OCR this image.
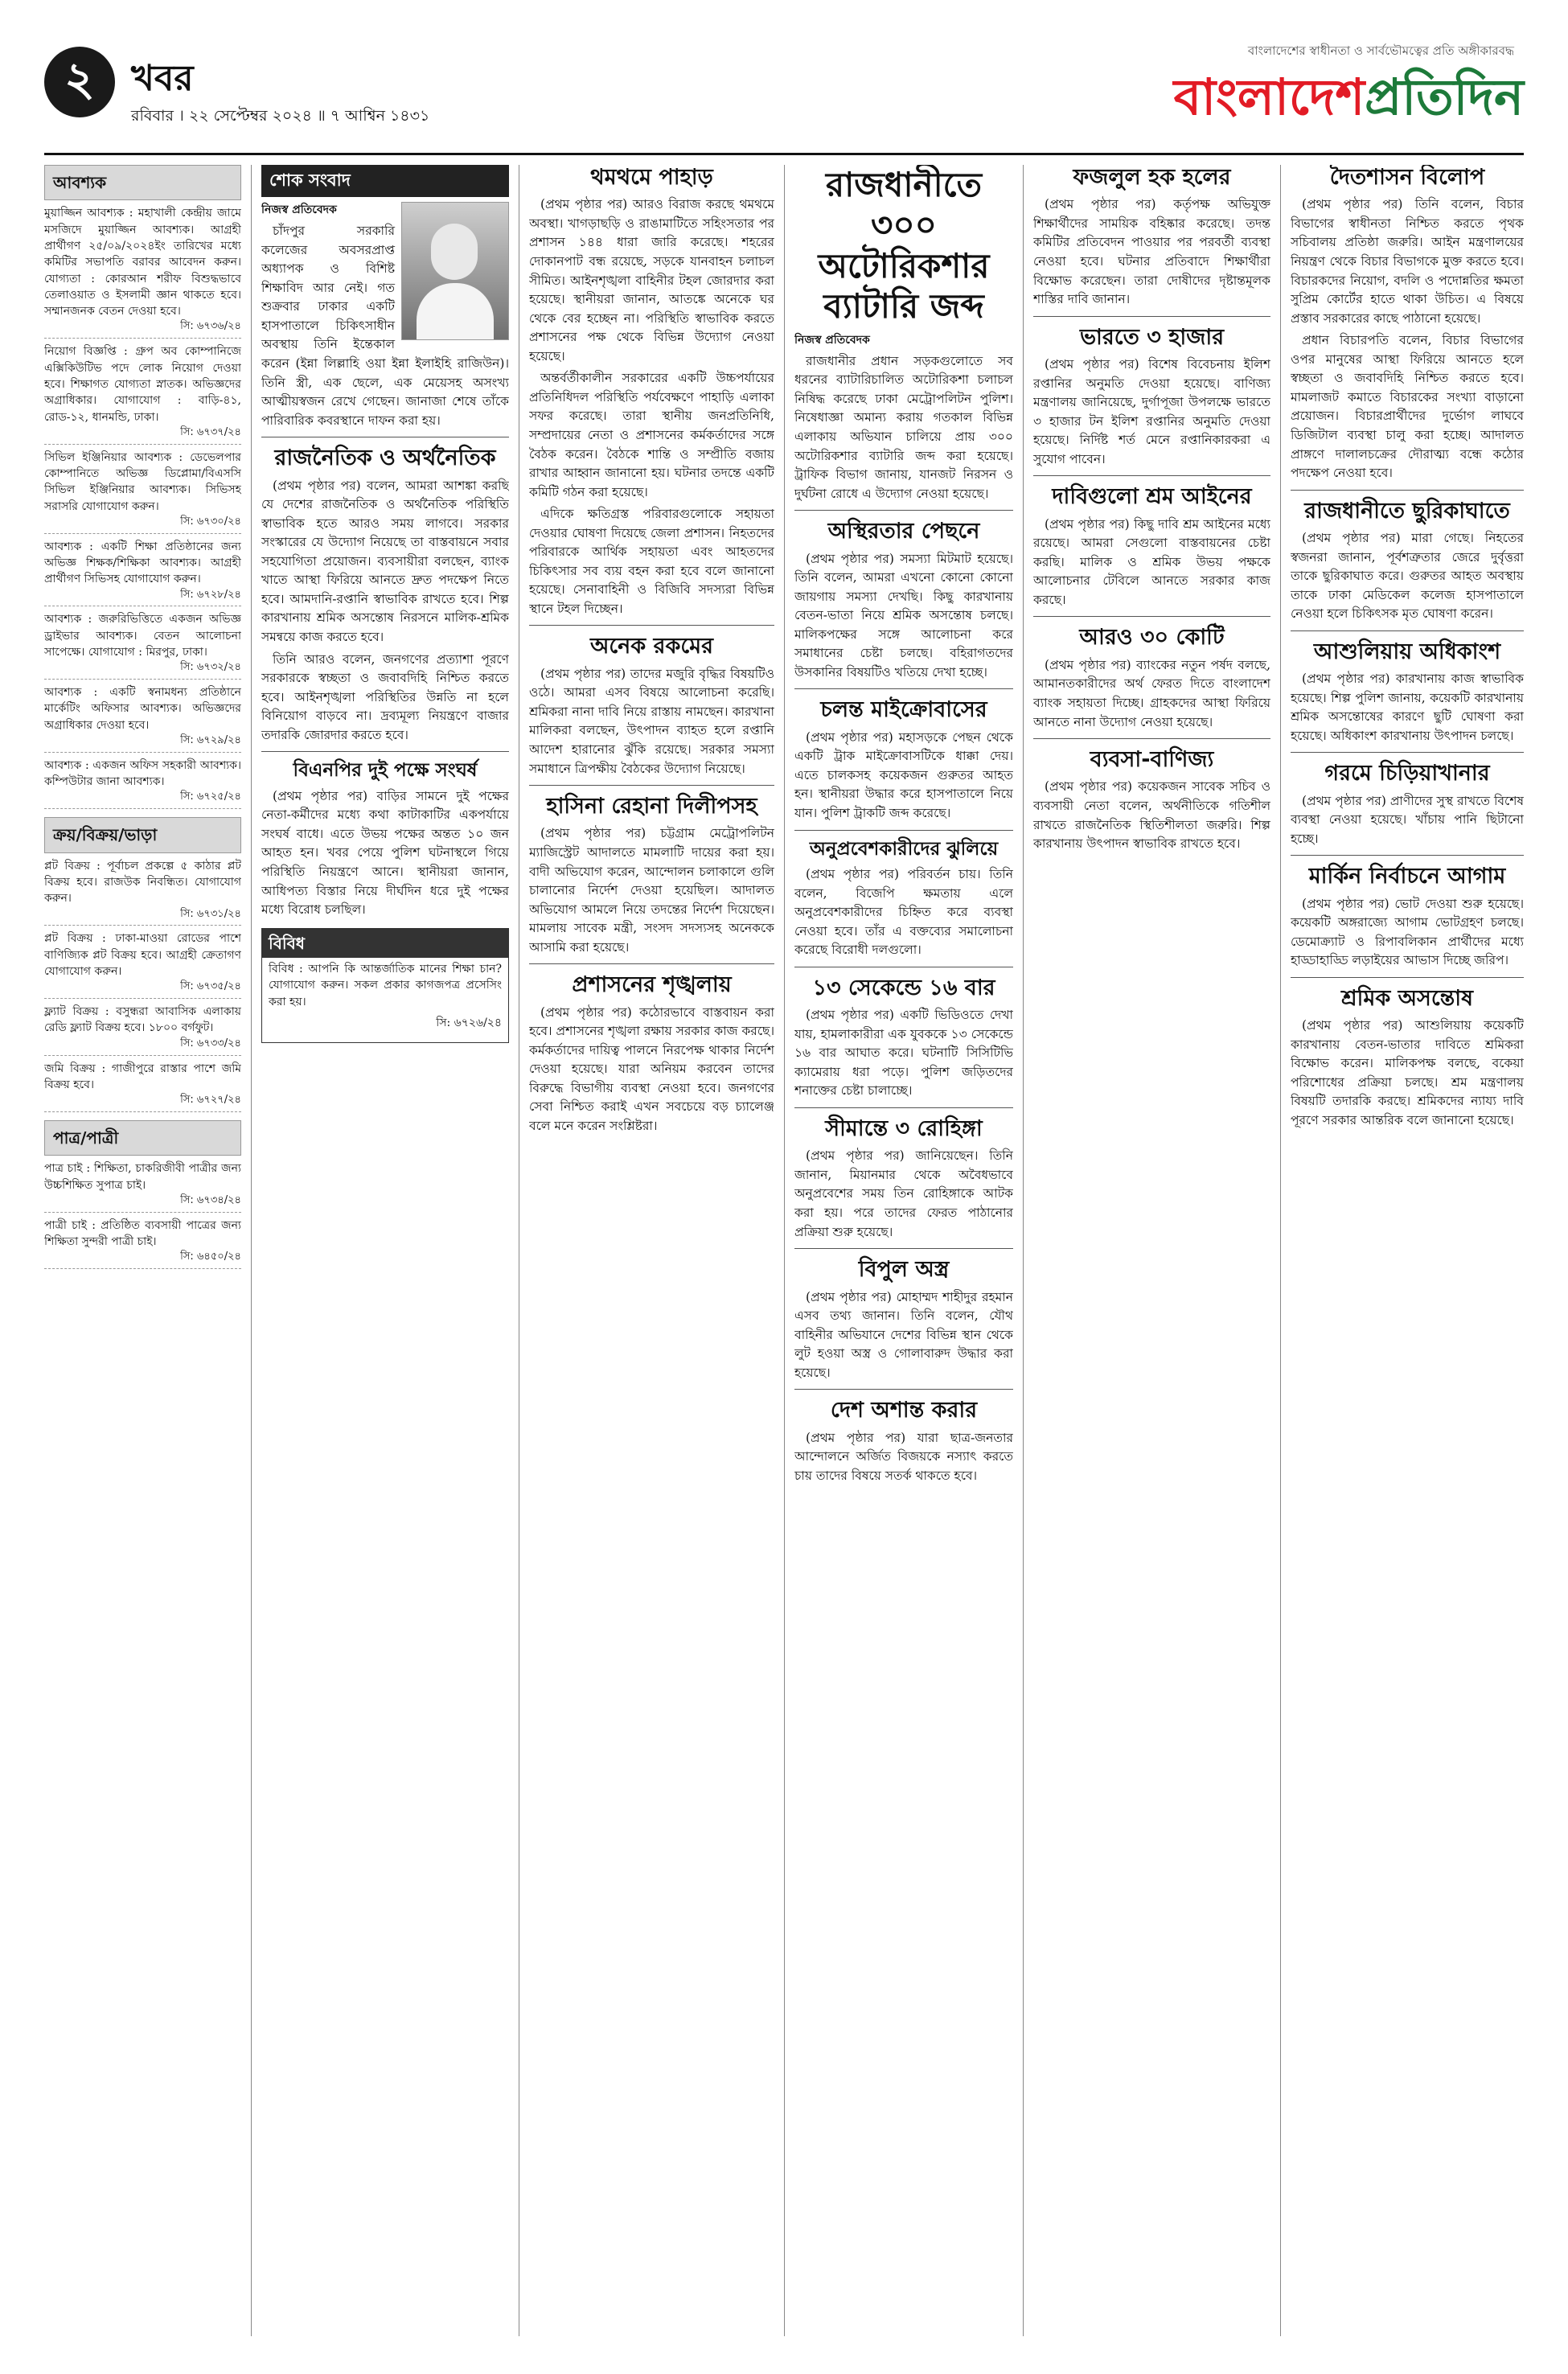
২	খবর
রবিবার । ২২ সেপ্টেম্বর ২০২৪ ॥ ৭ আশ্বিন ১৪৩১
বাংলাদেশের স্বাধীনতা ও সার্বভৌমত্বের প্রতি অঙ্গীকারবদ্ধ
বাংলাদেশপ্রতিদিন
আবশ্যক
মুয়াজ্জিন আবশ্যক : মহাখালী কেন্দ্রীয় জামে মসজিদে মুয়াজ্জিন আবশ্যক। আগ্রহী প্রার্থীগণ ২৫/০৯/২০২৪ইং তারিখের মধ্যে কমিটির সভাপতি বরাবর আবেদন করুন। যোগ্যতা : কোরআন শরীফ বিশুদ্ধভাবে তেলাওয়াত ও ইসলামী জ্ঞান থাকতে হবে। সম্মানজনক বেতন দেওয়া হবে।
সি: ৬৭৩৬/২৪
নিয়োগ বিজ্ঞপ্তি : গ্রুপ অব কোম্পানিজে এক্সিকিউটিভ পদে লোক নিয়োগ দেওয়া হবে। শিক্ষাগত যোগ্যতা স্নাতক। অভিজ্ঞদের অগ্রাধিকার। যোগাযোগ : বাড়ি-৪১, রোড-১২, ধানমন্ডি, ঢাকা।
সি: ৬৭৩৭/২৪
সিভিল ইঞ্জিনিয়ার আবশ্যক : ডেভেলপার কোম্পানিতে অভিজ্ঞ ডিপ্লোমা/বিএসসি সিভিল ইঞ্জিনিয়ার আবশ্যক। সিভিসহ সরাসরি যোগাযোগ করুন।
সি: ৬৭৩০/২৪
আবশ্যক : একটি শিক্ষা প্রতিষ্ঠানের জন্য অভিজ্ঞ শিক্ষক/শিক্ষিকা আবশ্যক। আগ্রহী প্রার্থীগণ সিভিসহ যোগাযোগ করুন।
সি: ৬৭২৮/২৪
আবশ্যক : জরুরিভিত্তিতে একজন অভিজ্ঞ ড্রাইভার আবশ্যক। বেতন আলোচনা সাপেক্ষে। যোগাযোগ : মিরপুর, ঢাকা।
সি: ৬৭৩২/২৪
আবশ্যক : একটি স্বনামধন্য প্রতিষ্ঠানে মার্কেটিং অফিসার আবশ্যক। অভিজ্ঞদের অগ্রাধিকার দেওয়া হবে।
সি: ৬৭২৯/২৪
আবশ্যক : একজন অফিস সহকারী আবশ্যক। কম্পিউটার জানা আবশ্যক।
সি: ৬৭২৫/২৪
ক্রয়/বিক্রয়/ভাড়া
প্লট বিক্রয় : পূর্বাচল প্রকল্পে ৫ কাঠার প্লট বিক্রয় হবে। রাজউক নিবন্ধিত। যোগাযোগ করুন।
সি: ৬৭৩১/২৪
প্লট বিক্রয় : ঢাকা-মাওয়া রোডের পাশে বাণিজ্যিক প্লট বিক্রয় হবে। আগ্রহী ক্রেতাগণ যোগাযোগ করুন।
সি: ৬৭৩৫/২৪
ফ্ল্যাট বিক্রয় : বসুন্ধরা আবাসিক এলাকায় রেডি ফ্ল্যাট বিক্রয় হবে। ১৮০০ বর্গফুট।
সি: ৬৭৩৩/২৪
জমি বিক্রয় : গাজীপুরে রাস্তার পাশে জমি বিক্রয় হবে।
সি: ৬৭২৭/২৪
পাত্র/পাত্রী
পাত্র চাই : শিক্ষিতা, চাকরিজীবী পাত্রীর জন্য উচ্চশিক্ষিত সুপাত্র চাই।
সি: ৬৭৩৪/২৪
পাত্রী চাই : প্রতিষ্ঠিত ব্যবসায়ী পাত্রের জন্য শিক্ষিতা সুন্দরী পাত্রী চাই।
সি: ৬৪৫০/২৪
শোক সংবাদ
নিজস্ব প্রতিবেদক

চাঁদপুর সরকারি কলেজের অবসরপ্রাপ্ত অধ্যাপক ও বিশিষ্ট শিক্ষাবিদ আর নেই। গত শুক্রবার ঢাকার একটি হাসপাতালে চিকিৎসাধীন অবস্থায় তিনি ইন্তেকাল করেন (ইন্না লিল্লাহি ওয়া ইন্না ইলাইহি রাজিউন)। তিনি স্ত্রী, এক ছেলে, এক মেয়েসহ অসংখ্য আত্মীয়স্বজন রেখে গেছেন। জানাজা শেষে তাঁকে পারিবারিক কবরস্থানে দাফন করা হয়।

রাজনৈতিক ও অর্থনৈতিক

(প্রথম পৃষ্ঠার পর) বলেন, আমরা আশঙ্কা করছি যে দেশের রাজনৈতিক ও অর্থনৈতিক পরিস্থিতি স্বাভাবিক হতে আরও সময় লাগবে। সরকার সংস্কারের যে উদ্যোগ নিয়েছে তা বাস্তবায়নে সবার সহযোগিতা প্রয়োজন। ব্যবসায়ীরা বলছেন, ব্যাংক খাতে আস্থা ফিরিয়ে আনতে দ্রুত পদক্ষেপ নিতে হবে। আমদানি-রপ্তানি স্বাভাবিক রাখতে হবে। শিল্প কারখানায় শ্রমিক অসন্তোষ নিরসনে মালিক-শ্রমিক সমন্বয়ে কাজ করতে হবে।

তিনি আরও বলেন, জনগণের প্রত্যাশা পূরণে সরকারকে স্বচ্ছতা ও জবাবদিহি নিশ্চিত করতে হবে। আইনশৃঙ্খলা পরিস্থিতির উন্নতি না হলে বিনিয়োগ বাড়বে না। দ্রব্যমূল্য নিয়ন্ত্রণে বাজার তদারকি জোরদার করতে হবে।

বিএনপির দুই পক্ষে সংঘর্ষ

(প্রথম পৃষ্ঠার পর) বাড়ির সামনে দুই পক্ষের নেতা-কর্মীদের মধ্যে কথা কাটাকাটির একপর্যায়ে সংঘর্ষ বাধে। এতে উভয় পক্ষের অন্তত ১০ জন আহত হন। খবর পেয়ে পুলিশ ঘটনাস্থলে গিয়ে পরিস্থিতি নিয়ন্ত্রণে আনে। স্থানীয়রা জানান, আধিপত্য বিস্তার নিয়ে দীর্ঘদিন ধরে দুই পক্ষের মধ্যে বিরোধ চলছিল।

বিবিধ
বিবিধ : আপনি কি আন্তর্জাতিক মানের শিক্ষা চান? যোগাযোগ করুন। সকল প্রকার কাগজপত্র প্রসেসিং করা হয়।
সি: ৬৭২৬/২৪
থমথমে পাহাড়

(প্রথম পৃষ্ঠার পর) আরও বিরাজ করছে থমথমে অবস্থা। খাগড়াছড়ি ও রাঙামাটিতে সহিংসতার পর প্রশাসন ১৪৪ ধারা জারি করেছে। শহরের দোকানপাট বন্ধ রয়েছে, সড়কে যানবাহন চলাচল সীমিত। আইনশৃঙ্খলা বাহিনীর টহল জোরদার করা হয়েছে। স্থানীয়রা জানান, আতঙ্কে অনেকে ঘর থেকে বের হচ্ছেন না। পরিস্থিতি স্বাভাবিক করতে প্রশাসনের পক্ষ থেকে বিভিন্ন উদ্যোগ নেওয়া হয়েছে।

অন্তর্বর্তীকালীন সরকারের একটি উচ্চপর্যায়ের প্রতিনিধিদল পরিস্থিতি পর্যবেক্ষণে পাহাড়ি এলাকা সফর করেছে। তারা স্থানীয় জনপ্রতিনিধি, সম্প্রদায়ের নেতা ও প্রশাসনের কর্মকর্তাদের সঙ্গে বৈঠক করেন। বৈঠকে শান্তি ও সম্প্রীতি বজায় রাখার আহ্বান জানানো হয়। ঘটনার তদন্তে একটি কমিটি গঠন করা হয়েছে।

এদিকে ক্ষতিগ্রস্ত পরিবারগুলোকে সহায়তা দেওয়ার ঘোষণা দিয়েছে জেলা প্রশাসন। নিহতদের পরিবারকে আর্থিক সহায়তা এবং আহতদের চিকিৎসার সব ব্যয় বহন করা হবে বলে জানানো হয়েছে। সেনাবাহিনী ও বিজিবি সদস্যরা বিভিন্ন স্থানে টহল দিচ্ছেন।

অনেক রকমের

(প্রথম পৃষ্ঠার পর) তাদের মজুরি বৃদ্ধির বিষয়টিও ওঠে। আমরা এসব বিষয়ে আলোচনা করেছি। শ্রমিকরা নানা দাবি নিয়ে রাস্তায় নামছেন। কারখানা মালিকরা বলছেন, উৎপাদন ব্যাহত হলে রপ্তানি আদেশ হারানোর ঝুঁকি রয়েছে। সরকার সমস্যা সমাধানে ত্রিপক্ষীয় বৈঠকের উদ্যোগ নিয়েছে।

হাসিনা রেহানা দিলীপসহ

(প্রথম পৃষ্ঠার পর) চট্টগ্রাম মেট্রোপলিটন ম্যাজিস্ট্রেট আদালতে মামলাটি দায়ের করা হয়। বাদী অভিযোগ করেন, আন্দোলন চলাকালে গুলি চালানোর নির্দেশ দেওয়া হয়েছিল। আদালত অভিযোগ আমলে নিয়ে তদন্তের নির্দেশ দিয়েছেন। মামলায় সাবেক মন্ত্রী, সংসদ সদস্যসহ অনেককে আসামি করা হয়েছে।

প্রশাসনের শৃঙ্খলায়

(প্রথম পৃষ্ঠার পর) কঠোরভাবে বাস্তবায়ন করা হবে। প্রশাসনের শৃঙ্খলা রক্ষায় সরকার কাজ করছে। কর্মকর্তাদের দায়িত্ব পালনে নিরপেক্ষ থাকার নির্দেশ দেওয়া হয়েছে। যারা অনিয়ম করবেন তাদের বিরুদ্ধে বিভাগীয় ব্যবস্থা নেওয়া হবে। জনগণের সেবা নিশ্চিত করাই এখন সবচেয়ে বড় চ্যালেঞ্জ বলে মনে করেন সংশ্লিষ্টরা।

রাজধানীতে ৩০০ অটোরিকশার ব্যাটারি জব্দ
নিজস্ব প্রতিবেদক

রাজধানীর প্রধান সড়কগুলোতে সব ধরনের ব্যাটারিচালিত অটোরিকশা চলাচল নিষিদ্ধ করেছে ঢাকা মেট্রোপলিটন পুলিশ। নিষেধাজ্ঞা অমান্য করায় গতকাল বিভিন্ন এলাকায় অভিযান চালিয়ে প্রায় ৩০০ অটোরিকশার ব্যাটারি জব্দ করা হয়েছে। ট্রাফিক বিভাগ জানায়, যানজট নিরসন ও দুর্ঘটনা রোধে এ উদ্যোগ নেওয়া হয়েছে।

অস্থিরতার পেছনে

(প্রথম পৃষ্ঠার পর) সমস্যা মিটমাট হয়েছে। তিনি বলেন, আমরা এখনো কোনো কোনো জায়গায় সমস্যা দেখছি। কিছু কারখানায় বেতন-ভাতা নিয়ে শ্রমিক অসন্তোষ চলছে। মালিকপক্ষের সঙ্গে আলোচনা করে সমাধানের চেষ্টা চলছে। বহিরাগতদের উসকানির বিষয়টিও খতিয়ে দেখা হচ্ছে।

চলন্ত মাইক্রোবাসের

(প্রথম পৃষ্ঠার পর) মহাসড়কে পেছন থেকে একটি ট্রাক মাইক্রোবাসটিকে ধাক্কা দেয়। এতে চালকসহ কয়েকজন গুরুতর আহত হন। স্থানীয়রা উদ্ধার করে হাসপাতালে নিয়ে যান। পুলিশ ট্রাকটি জব্দ করেছে।

অনুপ্রবেশকারীদের ঝুলিয়ে

(প্রথম পৃষ্ঠার পর) পরিবর্তন চায়। তিনি বলেন, বিজেপি ক্ষমতায় এলে অনুপ্রবেশকারীদের চিহ্নিত করে ব্যবস্থা নেওয়া হবে। তাঁর এ বক্তব্যের সমালোচনা করেছে বিরোধী দলগুলো।

১৩ সেকেন্ডে ১৬ বার

(প্রথম পৃষ্ঠার পর) একটি ভিডিওতে দেখা যায়, হামলাকারীরা এক যুবককে ১৩ সেকেন্ডে ১৬ বার আঘাত করে। ঘটনাটি সিসিটিভি ক্যামেরায় ধরা পড়ে। পুলিশ জড়িতদের শনাক্তের চেষ্টা চালাচ্ছে।

সীমান্তে ৩ রোহিঙ্গা

(প্রথম পৃষ্ঠার পর) জানিয়েছেন। তিনি জানান, মিয়ানমার থেকে অবৈধভাবে অনুপ্রবেশের সময় তিন রোহিঙ্গাকে আটক করা হয়। পরে তাদের ফেরত পাঠানোর প্রক্রিয়া শুরু হয়েছে।

বিপুল অস্ত্র

(প্রথম পৃষ্ঠার পর) মোহাম্মদ শাহীদুর রহমান এসব তথ্য জানান। তিনি বলেন, যৌথ বাহিনীর অভিযানে দেশের বিভিন্ন স্থান থেকে লুট হওয়া অস্ত্র ও গোলাবারুদ উদ্ধার করা হয়েছে।

দেশ অশান্ত করার

(প্রথম পৃষ্ঠার পর) যারা ছাত্র-জনতার আন্দোলনে অর্জিত বিজয়কে নস্যাৎ করতে চায় তাদের বিষয়ে সতর্ক থাকতে হবে।

ফজলুল হক হলের

(প্রথম পৃষ্ঠার পর) কর্তৃপক্ষ অভিযুক্ত শিক্ষার্থীদের সাময়িক বহিষ্কার করেছে। তদন্ত কমিটির প্রতিবেদন পাওয়ার পর পরবর্তী ব্যবস্থা নেওয়া হবে। ঘটনার প্রতিবাদে শিক্ষার্থীরা বিক্ষোভ করেছেন। তারা দোষীদের দৃষ্টান্তমূলক শাস্তির দাবি জানান।

ভারতে ৩ হাজার

(প্রথম পৃষ্ঠার পর) বিশেষ বিবেচনায় ইলিশ রপ্তানির অনুমতি দেওয়া হয়েছে। বাণিজ্য মন্ত্রণালয় জানিয়েছে, দুর্গাপূজা উপলক্ষে ভারতে ৩ হাজার টন ইলিশ রপ্তানির অনুমতি দেওয়া হয়েছে। নির্দিষ্ট শর্ত মেনে রপ্তানিকারকরা এ সুযোগ পাবেন।

দাবিগুলো শ্রম আইনের

(প্রথম পৃষ্ঠার পর) কিছু দাবি শ্রম আইনের মধ্যে রয়েছে। আমরা সেগুলো বাস্তবায়নের চেষ্টা করছি। মালিক ও শ্রমিক উভয় পক্ষকে আলোচনার টেবিলে আনতে সরকার কাজ করছে।

আরও ৩০ কোটি

(প্রথম পৃষ্ঠার পর) ব্যাংকের নতুন পর্ষদ বলছে, আমানতকারীদের অর্থ ফেরত দিতে বাংলাদেশ ব্যাংক সহায়তা দিচ্ছে। গ্রাহকদের আস্থা ফিরিয়ে আনতে নানা উদ্যোগ নেওয়া হয়েছে।

ব্যবসা-বাণিজ্য

(প্রথম পৃষ্ঠার পর) কয়েকজন সাবেক সচিব ও ব্যবসায়ী নেতা বলেন, অর্থনীতিকে গতিশীল রাখতে রাজনৈতিক স্থিতিশীলতা জরুরি। শিল্প কারখানায় উৎপাদন স্বাভাবিক রাখতে হবে।

দৈতশাসন বিলোপ

(প্রথম পৃষ্ঠার পর) তিনি বলেন, বিচার বিভাগের স্বাধীনতা নিশ্চিত করতে পৃথক সচিবালয় প্রতিষ্ঠা জরুরি। আইন মন্ত্রণালয়ের নিয়ন্ত্রণ থেকে বিচার বিভাগকে মুক্ত করতে হবে। বিচারকদের নিয়োগ, বদলি ও পদোন্নতির ক্ষমতা সুপ্রিম কোর্টের হাতে থাকা উচিত। এ বিষয়ে প্রস্তাব সরকারের কাছে পাঠানো হয়েছে।

প্রধান বিচারপতি বলেন, বিচার বিভাগের ওপর মানুষের আস্থা ফিরিয়ে আনতে হলে স্বচ্ছতা ও জবাবদিহি নিশ্চিত করতে হবে। মামলাজট কমাতে বিচারকের সংখ্যা বাড়ানো প্রয়োজন। বিচারপ্রার্থীদের দুর্ভোগ লাঘবে ডিজিটাল ব্যবস্থা চালু করা হচ্ছে। আদালত প্রাঙ্গণে দালালচক্রের দৌরাত্ম্য বন্ধে কঠোর পদক্ষেপ নেওয়া হবে।

রাজধানীতে ছুরিকাঘাতে

(প্রথম পৃষ্ঠার পর) মারা গেছে। নিহতের স্বজনরা জানান, পূর্বশত্রুতার জেরে দুর্বৃত্তরা তাকে ছুরিকাঘাত করে। গুরুতর আহত অবস্থায় তাকে ঢাকা মেডিকেল কলেজ হাসপাতালে নেওয়া হলে চিকিৎসক মৃত ঘোষণা করেন।

আশুলিয়ায় অধিকাংশ

(প্রথম পৃষ্ঠার পর) কারখানায় কাজ স্বাভাবিক হয়েছে। শিল্প পুলিশ জানায়, কয়েকটি কারখানায় শ্রমিক অসন্তোষের কারণে ছুটি ঘোষণা করা হয়েছে। অধিকাংশ কারখানায় উৎপাদন চলছে।

গরমে চিড়িয়াখানার

(প্রথম পৃষ্ঠার পর) প্রাণীদের সুস্থ রাখতে বিশেষ ব্যবস্থা নেওয়া হয়েছে। খাঁচায় পানি ছিটানো হচ্ছে।

মার্কিন নির্বাচনে আগাম

(প্রথম পৃষ্ঠার পর) ভোট দেওয়া শুরু হয়েছে। কয়েকটি অঙ্গরাজ্যে আগাম ভোটগ্রহণ চলছে। ডেমোক্র্যাট ও রিপাবলিকান প্রার্থীদের মধ্যে হাড্ডাহাড্ডি লড়াইয়ের আভাস দিচ্ছে জরিপ।

শ্রমিক অসন্তোষ

(প্রথম পৃষ্ঠার পর) আশুলিয়ায় কয়েকটি কারখানায় বেতন-ভাতার দাবিতে শ্রমিকরা বিক্ষোভ করেন। মালিকপক্ষ বলছে, বকেয়া পরিশোধের প্রক্রিয়া চলছে। শ্রম মন্ত্রণালয় বিষয়টি তদারকি করছে। শ্রমিকদের ন্যায্য দাবি পূরণে সরকার আন্তরিক বলে জানানো হয়েছে।
